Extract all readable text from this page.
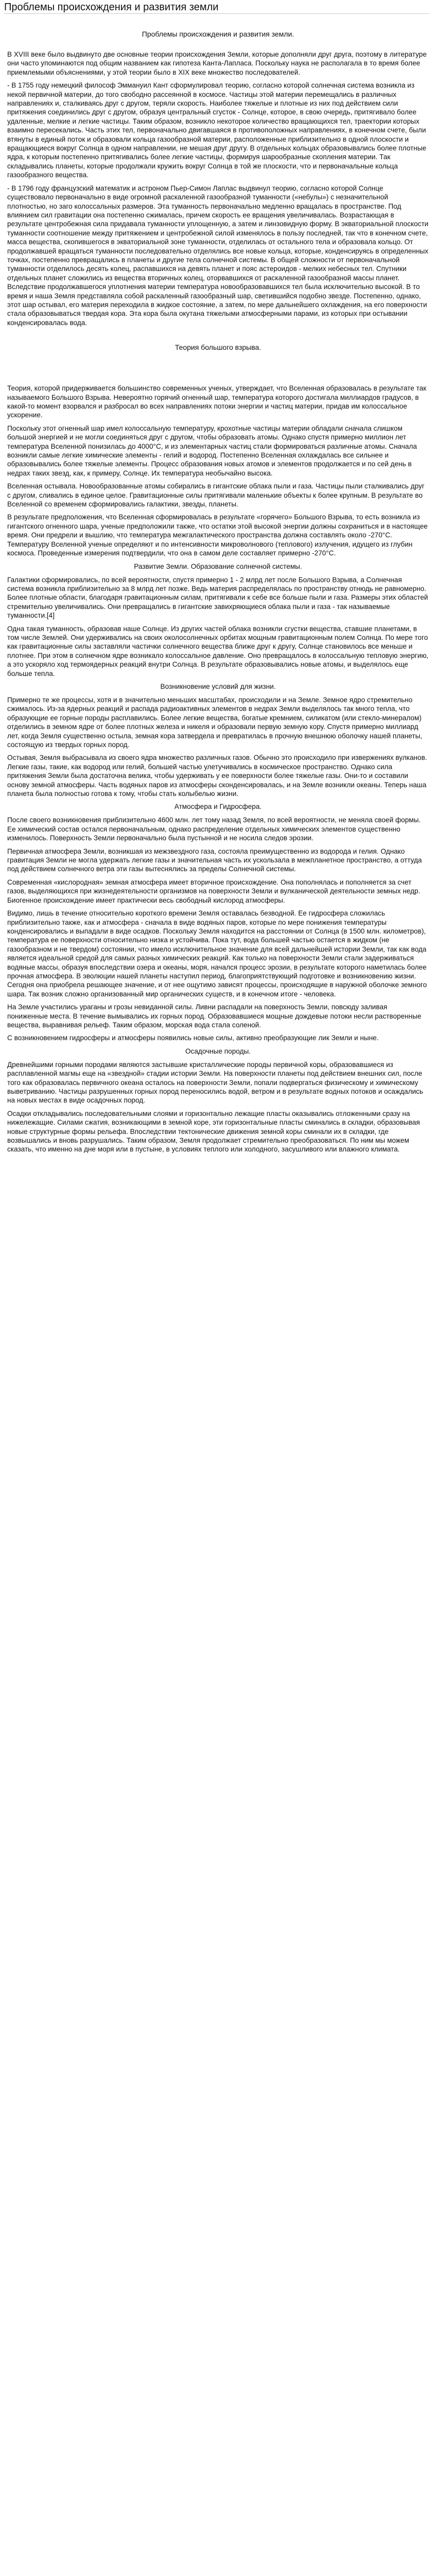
Проблемы происхождения и развития земли
Проблемы происхождения и развития земли.

В XVIII веке было выдвинуто две основные теории происхождения Земли, которые дополняли друг друга, поэтому в литературе они часто упоминаются под общим названием как гипотеза Канта-Лапласа. Поскольку наука не располагала в то время более приемлемыми объяснениями, у этой теории было в XIX веке множество последователей.

- В 1755 году немецкий философ Эммануил Кант сформулировал теорию, согласно которой солнечная система возникла из некой первичной материи, до того свободно рассеянной в космосе. Частицы этой материи перемещались в различных направлениях и, сталкиваясь друг с другом, теряли скорость. Наиболее тяжелые и плотные из них под действием сили притяжения соединились друг с другом, образуя центральный сгусток - Солнце, которое, в свою очередь, притягивало более удаленные, мелкие и легкие частицы. Таким образом, возникло некоторое количество вращающихся тел, траектории которых взаимно пересекались. Часть этих тел, первоначально двигавшаяся в противоположных направлениях, в конечном счете, были втянуты в единый поток и образовали кольца газообразной материи, расположенные приблизительно в одной плоскости и вращающиеся вокруг Солнца в одном направлении, не мешая друг другу. В отдельных кольцах образовывались более плотные ядра, к которым постепенно притягивались более легкие частицы, формируя шарообразные скопления материи. Так складывались планеты, которые продолжали кружить вокруг Солнца в той же плоскости, что и первоначальные кольца газообразного вещества.

- В 1796 году французский математик и астроном Пьер-Симон Лаплас выдвинул теорию, согласно которой Солнце существовало первоначально в виде огромной раскаленной газообразной туманности («небулы») с незначительной плотностью, но заго колоссальных размеров. Эта туманность первоначально медленно вращалась в пространстве. Под влиянием сил гравитации она постепенно сжималась, причем скорость ее вращения увеличивалась. Возрастающая в результате центробежная сила придавала туманности уплощенную, а затем и линзовидную форму. В экваториальной плоскости туманности соотношение между притяжением и центробежной силой изменялось в пользу последней, так что в конечном счете, масса вещества, скопившегося в экваториальной зоне туманности, отделилась от остального тела и образовала кольцо. От продолжавшей вращаться туманности последовательно отделялись все новые кольца, которые, конденсируясь в определенных точках, постепенно превращались в планеты и другие тела солнечной системы. В общей сложности от первоначальной туманности отделилось десять колец, распавшихся на девять планет и пояс астероидов - мелких небесных тел. Спутники отдельных планет сложились из вещества вторичных колец, оторвавшихся от раскаленной газообразной массы планет. Вследствие продолжавшегося уплотнения материи температура новообразовавшихся тел была исключительно высокой. В то время и наша Земля представляла собой раскаленный газообразный шар, светившийся подобно звезде. Постепенно, однако, этот шар остывал, его материя переходила в жидкое состояние, а затем, по мере дальнейшего охлаждения, на его поверхности стала образовываться твердая кора. Эта кора была окутана тяжелыми атмосферными парами, из которых при остывании конденсировалась вода.

Теория большого взрыва.

Теория, которой придерживается большинство современных ученых, утверждает, что Вселенная образовалась в результате так называемого Большого Взрыва. Невероятно горячий огненный шар, температура которого достигала миллиардов градусов, в какой-то момент взорвался и разбросал во всех направлениях потоки энергии и частиц материи, придав им колоссальное ускорение.

Поскольку этот огненный шар имел колоссальную температуру, крохотные частицы материи обладали сначала слишком большой энергией и не могли соединяться друг с другом, чтобы образовать атомы. Однако спустя примерно миллион лет температура Вселенной понизилась до 4000°С, и из элементарных частиц стали формироваться различные атомы. Сначала возникли самые легкие химические элементы - гелий и водород. Постепенно Вселенная охлаждалась все сильнее и образовывались более тяжелые элементы. Процесс образования новых атомов и элементов продолжается и по сей день в недрах таких звезд, как, к примеру, Солнце. Их температура необычайно высока.

Вселенная остывала. Новообразованные атомы собирались в гигантские облака пыли и газа. Частицы пыли сталкивались друг с другом, сливались в единое целое. Гравитационные силы притягивали маленькие объекты к более крупным. В результате во Вселенной со временем сформировались галактики, звезды, планеты.

В результате предположения, что Вселенная сформировалась в результате «горячего» Большого Взрыва, то есть возникла из гигантского огненного шара, ученые предположили также, что остатки этой высокой энергии должны сохраниться и в настоящее время. Они предрели и вышлию, что температура межгалактического пространства должна составлять около -270°С. Температуру Вселенной ученые определяют и по интенсивности микроволнового (теплового) излучения, идущего из глубин космоса. Проведенные измерения подтвердили, что она в самом деле составляет примерно -270°С.

Развитие Земли. Образование солнечной системы.

Галактики сформировались, по всей вероятности, спустя примерно 1 - 2 млрд лет после Большого Взрыва, а Солнечная система возникла приблизительно за 8 млрд лет позже. Ведь материя распределялась по пространству отнюдь не равномерно. Более плотные области, благодаря гравитационным силам, притягивали к себе все больше пыли и газа. Размеры этих областей стремительно увеличивались. Они превращались в гигантские завихряющиеся облака пыли и газа - так называемые туманности.[4]

Одна такая туманность, образовав наше Солнце. Из других частей облака возникли сгустки вещества, ставшие планетами, в том числе Землей. Они удерживались на своих околосолнечных орбитах мощным гравитационным полем Солнца. По мере того как гравитационные силы заставляли частички солнечного вещества ближе друг к другу, Солнце становилось все меньше и плотнее. При этом в солнечном ядре возникало колоссальное давление. Оно превращалось в колоссальную тепловую энергию, а это ускоряло ход термоядерных реакций внутри Солнца. В результате образовывались новые атомы, и выделялось еще больше тепла.

Возникновение условий для жизни.

Примерно те же процессы, хотя и в значительно меньших масштабах, происходили и на Земле. Земное ядро стремительно сжималось. Из-за ядерных реакций и распада радиоактивных элементов в недрах Земли выделялось так много тепла, что образующие ее горные породы расплавились. Более легкие вещества, богатые кремнием, силикатом (или стекло-минералом) отделились в земном ядре от более плотных железа и никеля и образовали первую земную кору. Спустя примерно миллиард лет, когда Земля существенно остыла, земная кора затвердела и превратилась в прочную внешнюю оболочку нашей планеты, состоящую из твердых горных пород.

Остывая, Земля выбрасывала из своего ядра множество различных газов. Обычно это происходило при извержениях вулканов. Легкие газы, такие, как водород или гелий, большей частью улетучивались в космическое пространство. Однако сила притяжения Земли была достаточна велика, чтобы удерживать у ее поверхности более тяжелые газы. Они-то и составили основу земной атмосферы. Часть водяных паров из атмосферы сконденсировалась, и на Земле возникли океаны. Теперь наша планета была полностью готова к тому, чтобы стать колыбелью жизни.

Атмосфера и Гидросфера.

После своего возникновения приблизительно 4600 млн. лет тому назад Земля, по всей вероятности, не меняла своей формы. Ее химический состав остался первоначальным, однако распределение отдельных химических элементов существенно изменилось. Поверхность Земли первоначально была пустынной и не носила следов эрозии.

Первичная атмосфера Земли, возникшая из межзвездного газа, состояла преимущественно из водорода и гелия. Однако гравитация Земли не могла удержать легкие газы и значительная часть их ускользала в межпланетное пространство, а оттуда под действием солнечного ветра эти газы вытеснялись за пределы Солнечной системы.

Современная «кислородная» земная атмосфера имеет вторичное происхождение. Она пополнялась и пополняется за счет газов, выделяющихся при жизнедеятельности организмов на поверхности Земли и вулканической деятельности земных недр. Биогенное происхождение имеет практически весь свободный кислород атмосферы.

Видимо, лишь в течение относительно короткого времени Земля оставалась безводной. Ее гидросфера сложилась приблизительно также, как и атмосфера - сначала в виде водяных паров, которые по мере понижения температуры конденсировались и выпадали в виде осадков. Поскольку Земля находится на расстоянии от Солнца (в 1500 млн. километров), температура ее поверхности относительно низка и устойчива. Пока тут, вода большей частью остается в жидком (не газообразном и не твердом) состоянии, что имело исключительное значение для всей дальнейшей истории Земли, так как вода является идеальной средой для самых разных химических реакций. Как только на поверхности Земли стали задерживаться водяные массы, образуя впоследствии озера и океаны, моря, начался процесс эрозии, в результате которого наметилась более прочная атмосфера. В эволюции нашей планеты наступил период, благоприятствующий подготовке и возникновению жизни. Сегодня она приобрела решающее значение, и от нее ощутимо зависят процессы, происходящие в наружной оболочке земного шара. Так возник сложно организованный мир органических существ, и в конечном итоге - человека.

На Земле участились ураганы и грозы невиданной силы. Ливни распадали на поверхность Земли, повсюду заливая пониженные места. В течение вымывались их горных пород. Образовавшиеся мощные дождевые потоки несли растворенные вещества, выравнивая рельеф. Таким образом, морская вода стала соленой.

С возникновением гидросферы и атмосферы появились новые силы, активно преобразующие лик Земли и ныне.

Осадочные породы.

Древнейшими горными породами являются застывшие кристаллические породы первичной коры, образовавшиеся из расплавленной магмы еще на «звездной» стадии истории Земли. На поверхности планеты под действием внешних сил, после того как образовалась первичного океана осталось на поверхности Земли, попали подвергаться физическому и химическому выветриванию. Частицы разрушенных горных пород переносились водой, ветром и в результате водных потоков и осаждались на новых местах в виде осадочных пород.

Осадки откладывались последовательными слоями и горизонтально лежащие пласты оказывались отложенными сразу на нижележащие. Силами сжатия, возникающими в земной коре, эти горизонтальные пласты сминались в складки, образовывая новые структурные формы рельефа. Впоследствии тектонические движения земной коры сминали их в складки, где возвышались и вновь разрушались. Таким образом, Земля продолжает стремительно преобразоваться. По ним мы можем сказать, что именно на дне моря или в пустыне, в условиях теплого или холодного, засушливого или влажного климата.
